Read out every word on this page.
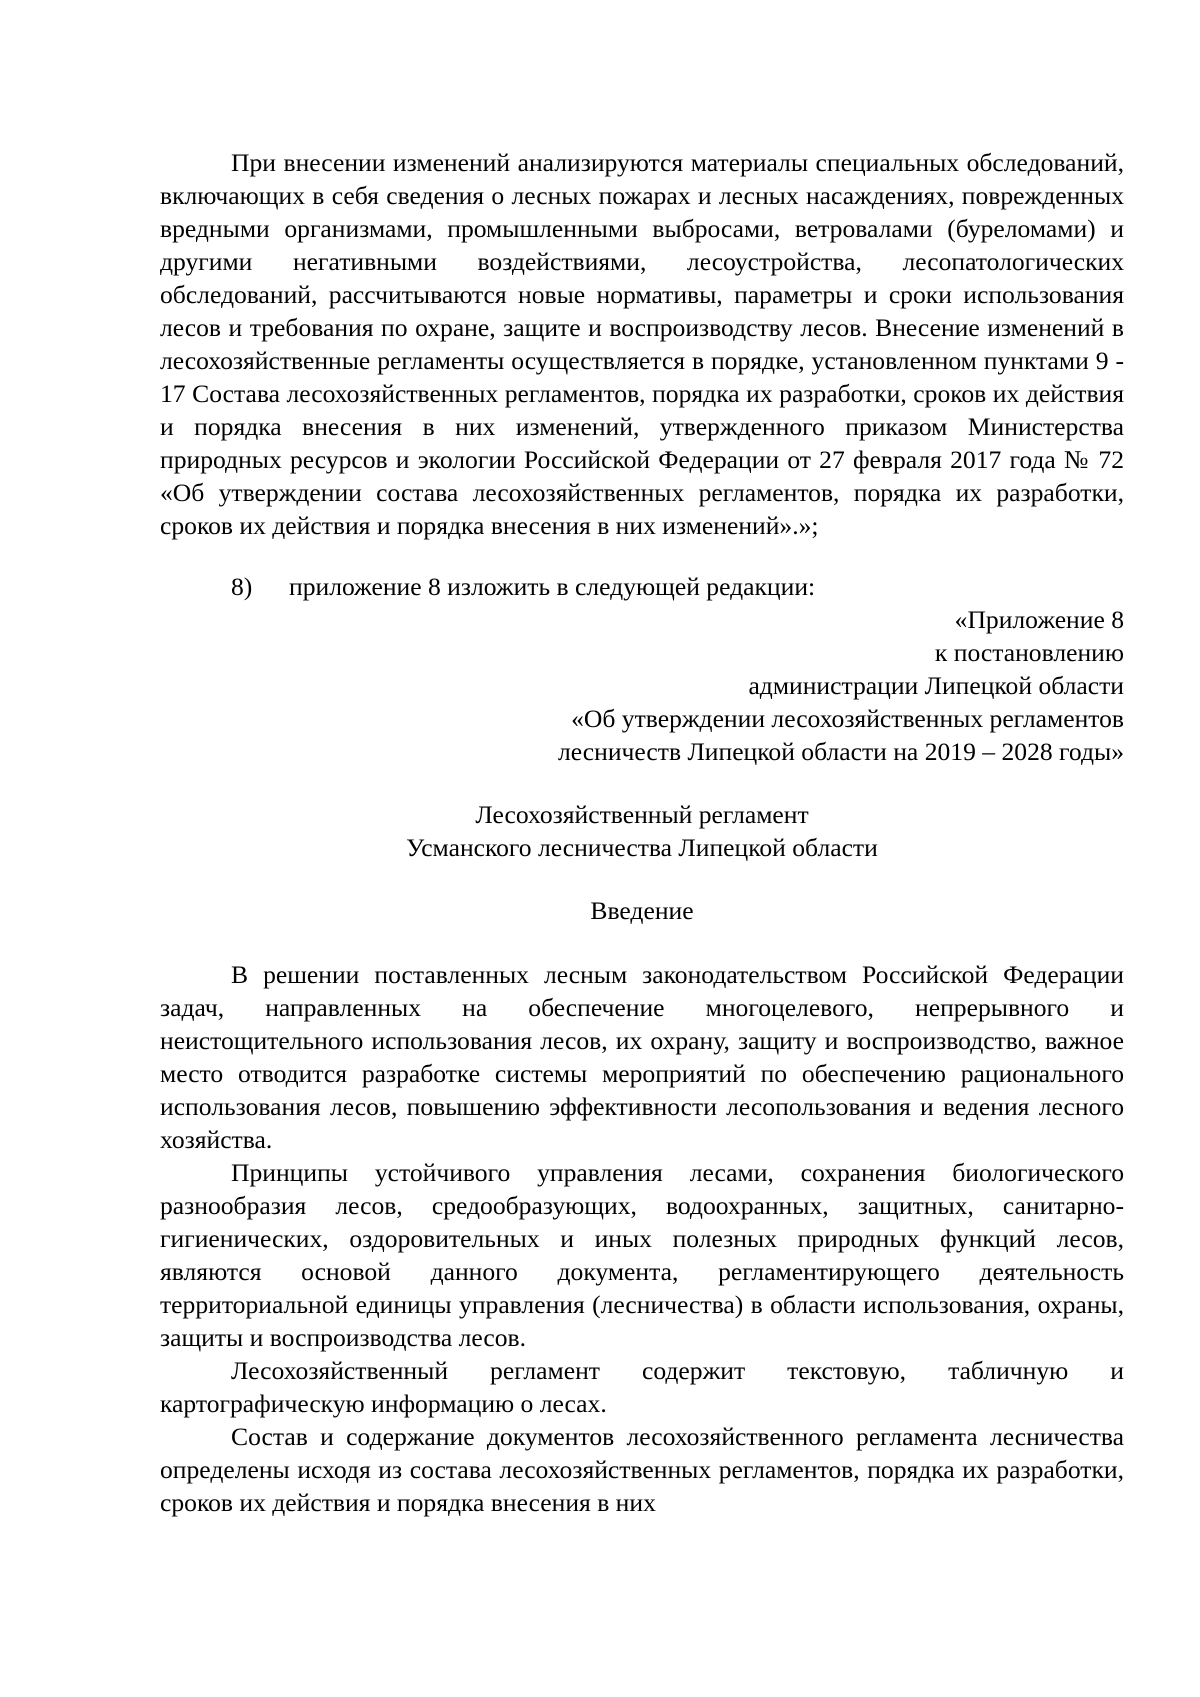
При внесении изменений анализируются материалы специальных обследований, включающих в себя сведения о лесных пожарах и лесных насаждениях, поврежденных вредными организмами, промышленными выбросами, ветровалами (буреломами) и другими негативными воздействиями, лесоустройства, лесопатологических обследований, рассчитываются новые нормативы, параметры и сроки использования лесов и требования по охране, защите и воспроизводству лесов. Внесение изменений в лесохозяйственные регламенты осуществляется в порядке, установленном пунктами 9 - 17 Состава лесохозяйственных регламентов, порядка их разработки, сроков их действия и порядка внесения в них изменений, утвержденного приказом Министерства природных ресурсов и экологии Российской Федерации от 27 февраля 2017 года № 72 «Об утверждении состава лесохозяйственных регламентов, порядка их разработки, сроков их действия и порядка внесения в них изменений».»;

8) приложение 8 изложить в следующей редакции:

«Приложение 8
к постановлению
администрации Липецкой области
«Об утверждении лесохозяйственных регламентов
лесничеств Липецкой области на 2019 – 2028 годы»
Лесохозяйственный регламент
Усманского лесничества Липецкой области
Введение

В решении поставленных лесным законодательством Российской Федерации задач, направленных на обеспечение многоцелевого, непрерывного и неистощительного использования лесов, их охрану, защиту и воспроизводство, важное место отводится разработке системы мероприятий по обеспечению рационального использования лесов, повышению эффективности лесопользования и ведения лесного хозяйства.

Принципы устойчивого управления лесами, сохранения биологического разнообразия лесов, средообразующих, водоохранных, защитных, санитарно-гигиенических, оздоровительных и иных полезных природных функций лесов, являются основой данного документа, регламентирующего деятельность территориальной единицы управления (лесничества) в области использования, охраны, защиты и воспроизводства лесов.

Лесохозяйственный регламент содержит текстовую, табличную и картографическую информацию о лесах.

Состав и содержание документов лесохозяйственного регламента лесничества определены исходя из состава лесохозяйственных регламентов, порядка их разработки, сроков их действия и порядка внесения в них
